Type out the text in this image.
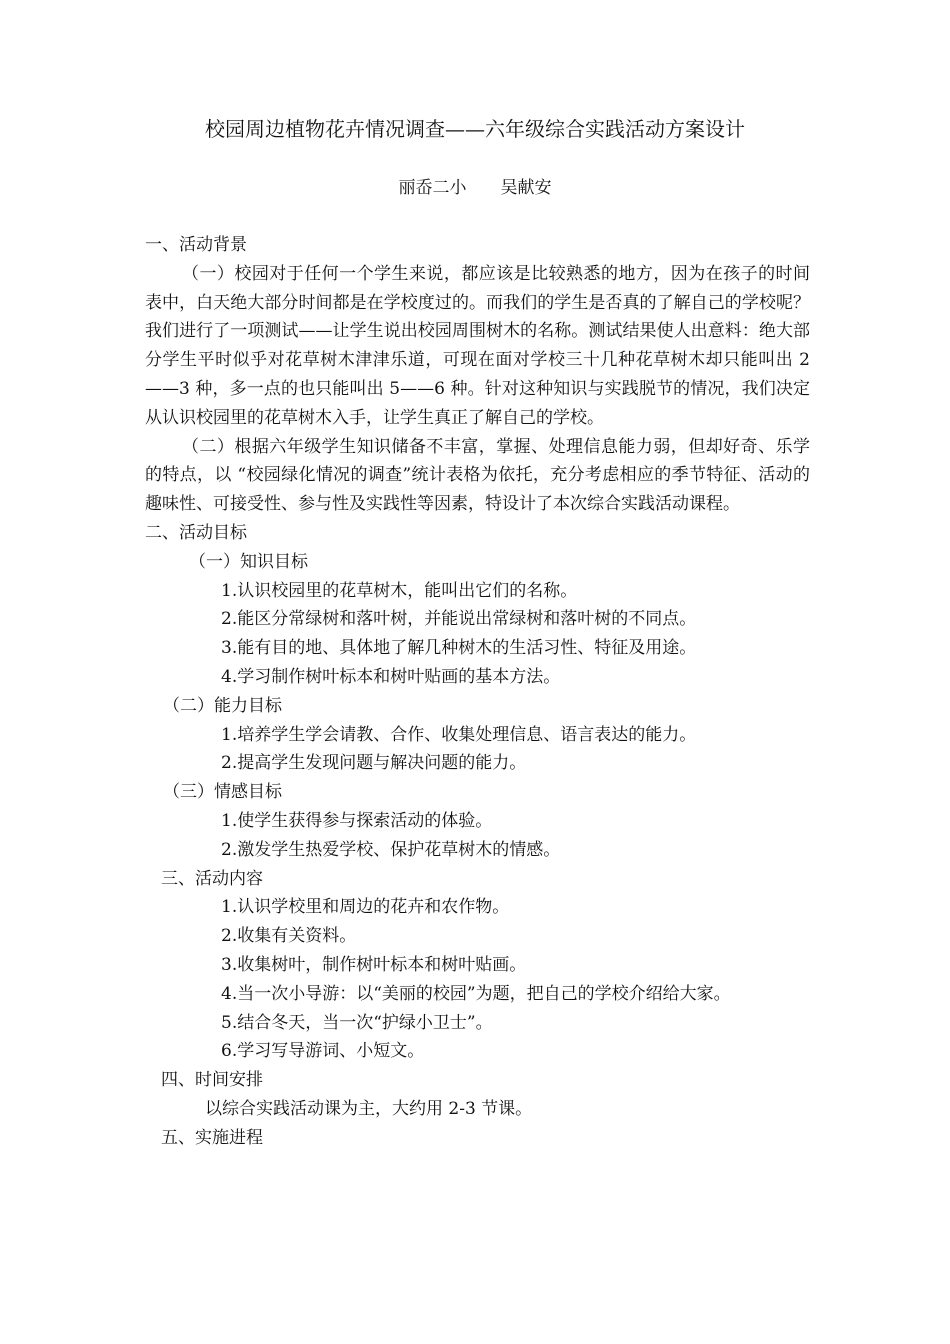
校园周边植物花卉情况调查——六年级综合实践活动方案设计
丽岙二小 吴献安

一、活动背景

（一）校园对于任何一个学生来说，都应该是比较熟悉的地方，因为在孩子的时间表中，白天绝大部分时间都是在学校度过的。而我们的学生是否真的了解自己的学校呢？我们进行了一项测试——让学生说出校园周围树木的名称。测试结果使人出意料：绝大部分学生平时似乎对花草树木津津乐道，可现在面对学校三十几种花草树木却只能叫出 2——3 种，多一点的也只能叫出 5——6 种。针对这种知识与实践脱节的情况，我们决定从认识校园里的花草树木入手，让学生真正了解自己的学校。

（二）根据六年级学生知识储备不丰富，掌握、处理信息能力弱，但却好奇、乐学的特点，以 “校园绿化情况的调查”统计表格为依托，充分考虑相应的季节特征、活动的趣味性、可接受性、参与性及实践性等因素，特设计了本次综合实践活动课程。

二、活动目标

（一）知识目标

1.认识校园里的花草树木，能叫出它们的名称。

2.能区分常绿树和落叶树，并能说出常绿树和落叶树的不同点。

3.能有目的地、具体地了解几种树木的生活习性、特征及用途。

4.学习制作树叶标本和树叶贴画的基本方法。

（二）能力目标

1.培养学生学会请教、合作、收集处理信息、语言表达的能力。

2.提高学生发现问题与解决问题的能力。

（三）情感目标

1.使学生获得参与探索活动的体验。

2.激发学生热爱学校、保护花草树木的情感。

三、活动内容

1.认识学校里和周边的花卉和农作物。

2.收集有关资料。

3.收集树叶，制作树叶标本和树叶贴画。

4.当一次小导游：以“美丽的校园”为题，把自己的学校介绍给大家。

5.结合冬天，当一次“护绿小卫士”。

6.学习写导游词、小短文。

四、时间安排

以综合实践活动课为主，大约用 2-3 节课。

五、实施进程
